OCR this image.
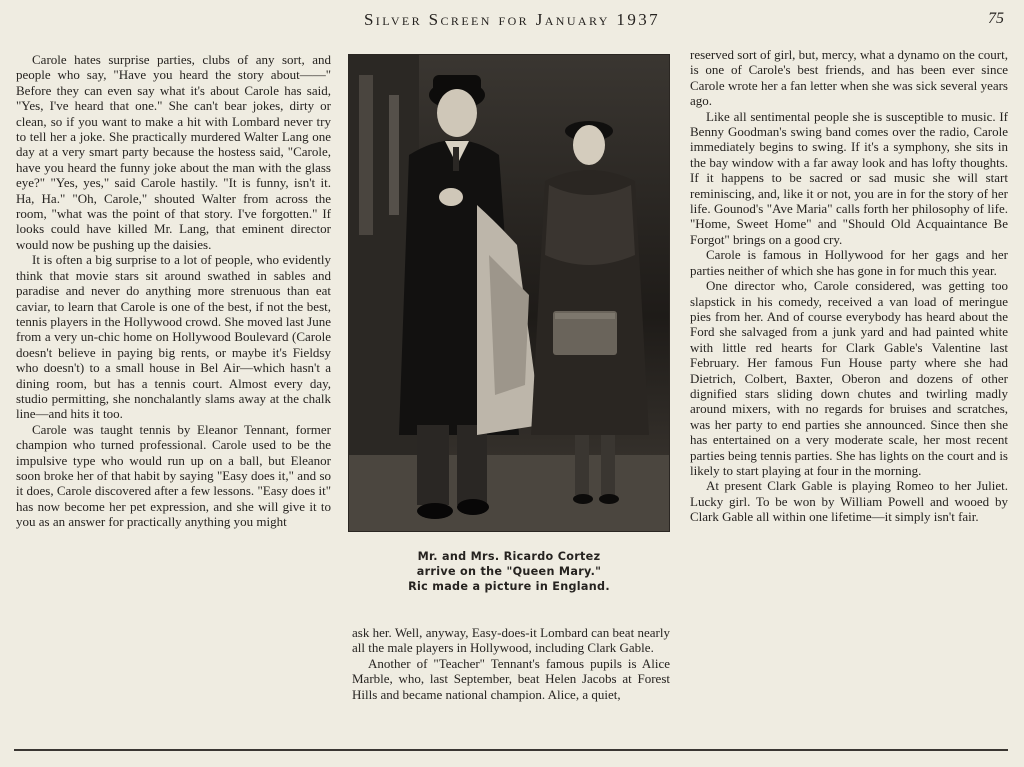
Silver Screen for January 1937	75

Carole hates surprise parties, clubs of any sort, and people who say, "Have you heard the story about——" Before they can even say what it's about Carole has said, "Yes, I've heard that one." She can't bear jokes, dirty or clean, so if you want to make a hit with Lombard never try to tell her a joke. She practically murdered Walter Lang one day at a very smart party because the hostess said, "Carole, have you heard the funny joke about the man with the glass eye?" "Yes, yes," said Carole hastily. "It is funny, isn't it. Ha, Ha." "Oh, Carole," shouted Walter from across the room, "what was the point of that story. I've forgotten." If looks could have killed Mr. Lang, that eminent director would now be pushing up the daisies.

It is often a big surprise to a lot of people, who evidently think that movie stars sit around swathed in sables and paradise and never do anything more strenuous than eat caviar, to learn that Carole is one of the best, if not the best, tennis players in the Hollywood crowd. She moved last June from a very un-chic home on Hollywood Boulevard (Carole doesn't believe in paying big rents, or maybe it's Fieldsy who doesn't) to a small house in Bel Air—which hasn't a dining room, but has a tennis court. Almost every day, studio permitting, she nonchalantly slams away at the chalk line—and hits it too.

Carole was taught tennis by Eleanor Tennant, former champion who turned professional. Carole used to be the impulsive type who would run up on a ball, but Eleanor soon broke her of that habit by saying "Easy does it," and so it does, Carole discovered after a few lessons. "Easy does it" has now become her pet expression, and she will give it to you as an answer for practically anything you might

Mr. and Mrs. Ricardo Cortez
arrive on the "Queen Mary."
Ric made a picture in England.

ask her. Well, anyway, Easy-does-it Lombard can beat nearly all the male players in Hollywood, including Clark Gable.

Another of "Teacher" Tennant's famous pupils is Alice Marble, who, last September, beat Helen Jacobs at Forest Hills and became national champion. Alice, a quiet,

reserved sort of girl, but, mercy, what a dynamo on the court, is one of Carole's best friends, and has been ever since Carole wrote her a fan letter when she was sick several years ago.

Like all sentimental people she is susceptible to music. If Benny Goodman's swing band comes over the radio, Carole immediately begins to swing. If it's a symphony, she sits in the bay window with a far away look and has lofty thoughts. If it happens to be sacred or sad music she will start reminiscing, and, like it or not, you are in for the story of her life. Gounod's "Ave Maria" calls forth her philosophy of life. "Home, Sweet Home" and "Should Old Acquaintance Be Forgot" brings on a good cry.

Carole is famous in Hollywood for her gags and her parties neither of which she has gone in for much this year.

One director who, Carole considered, was getting too slapstick in his comedy, received a van load of meringue pies from her. And of course everybody has heard about the Ford she salvaged from a junk yard and had painted white with little red hearts for Clark Gable's Valentine last February. Her famous Fun House party where she had Dietrich, Colbert, Baxter, Oberon and dozens of other dignified stars sliding down chutes and twirling madly around mixers, with no regards for bruises and scratches, was her party to end parties she announced. Since then she has entertained on a very moderate scale, her most recent parties being tennis parties. She has lights on the court and is likely to start playing at four in the morning.

At present Clark Gable is playing Romeo to her Juliet. Lucky girl. To be won by William Powell and wooed by Clark Gable all within one lifetime—it simply isn't fair.
